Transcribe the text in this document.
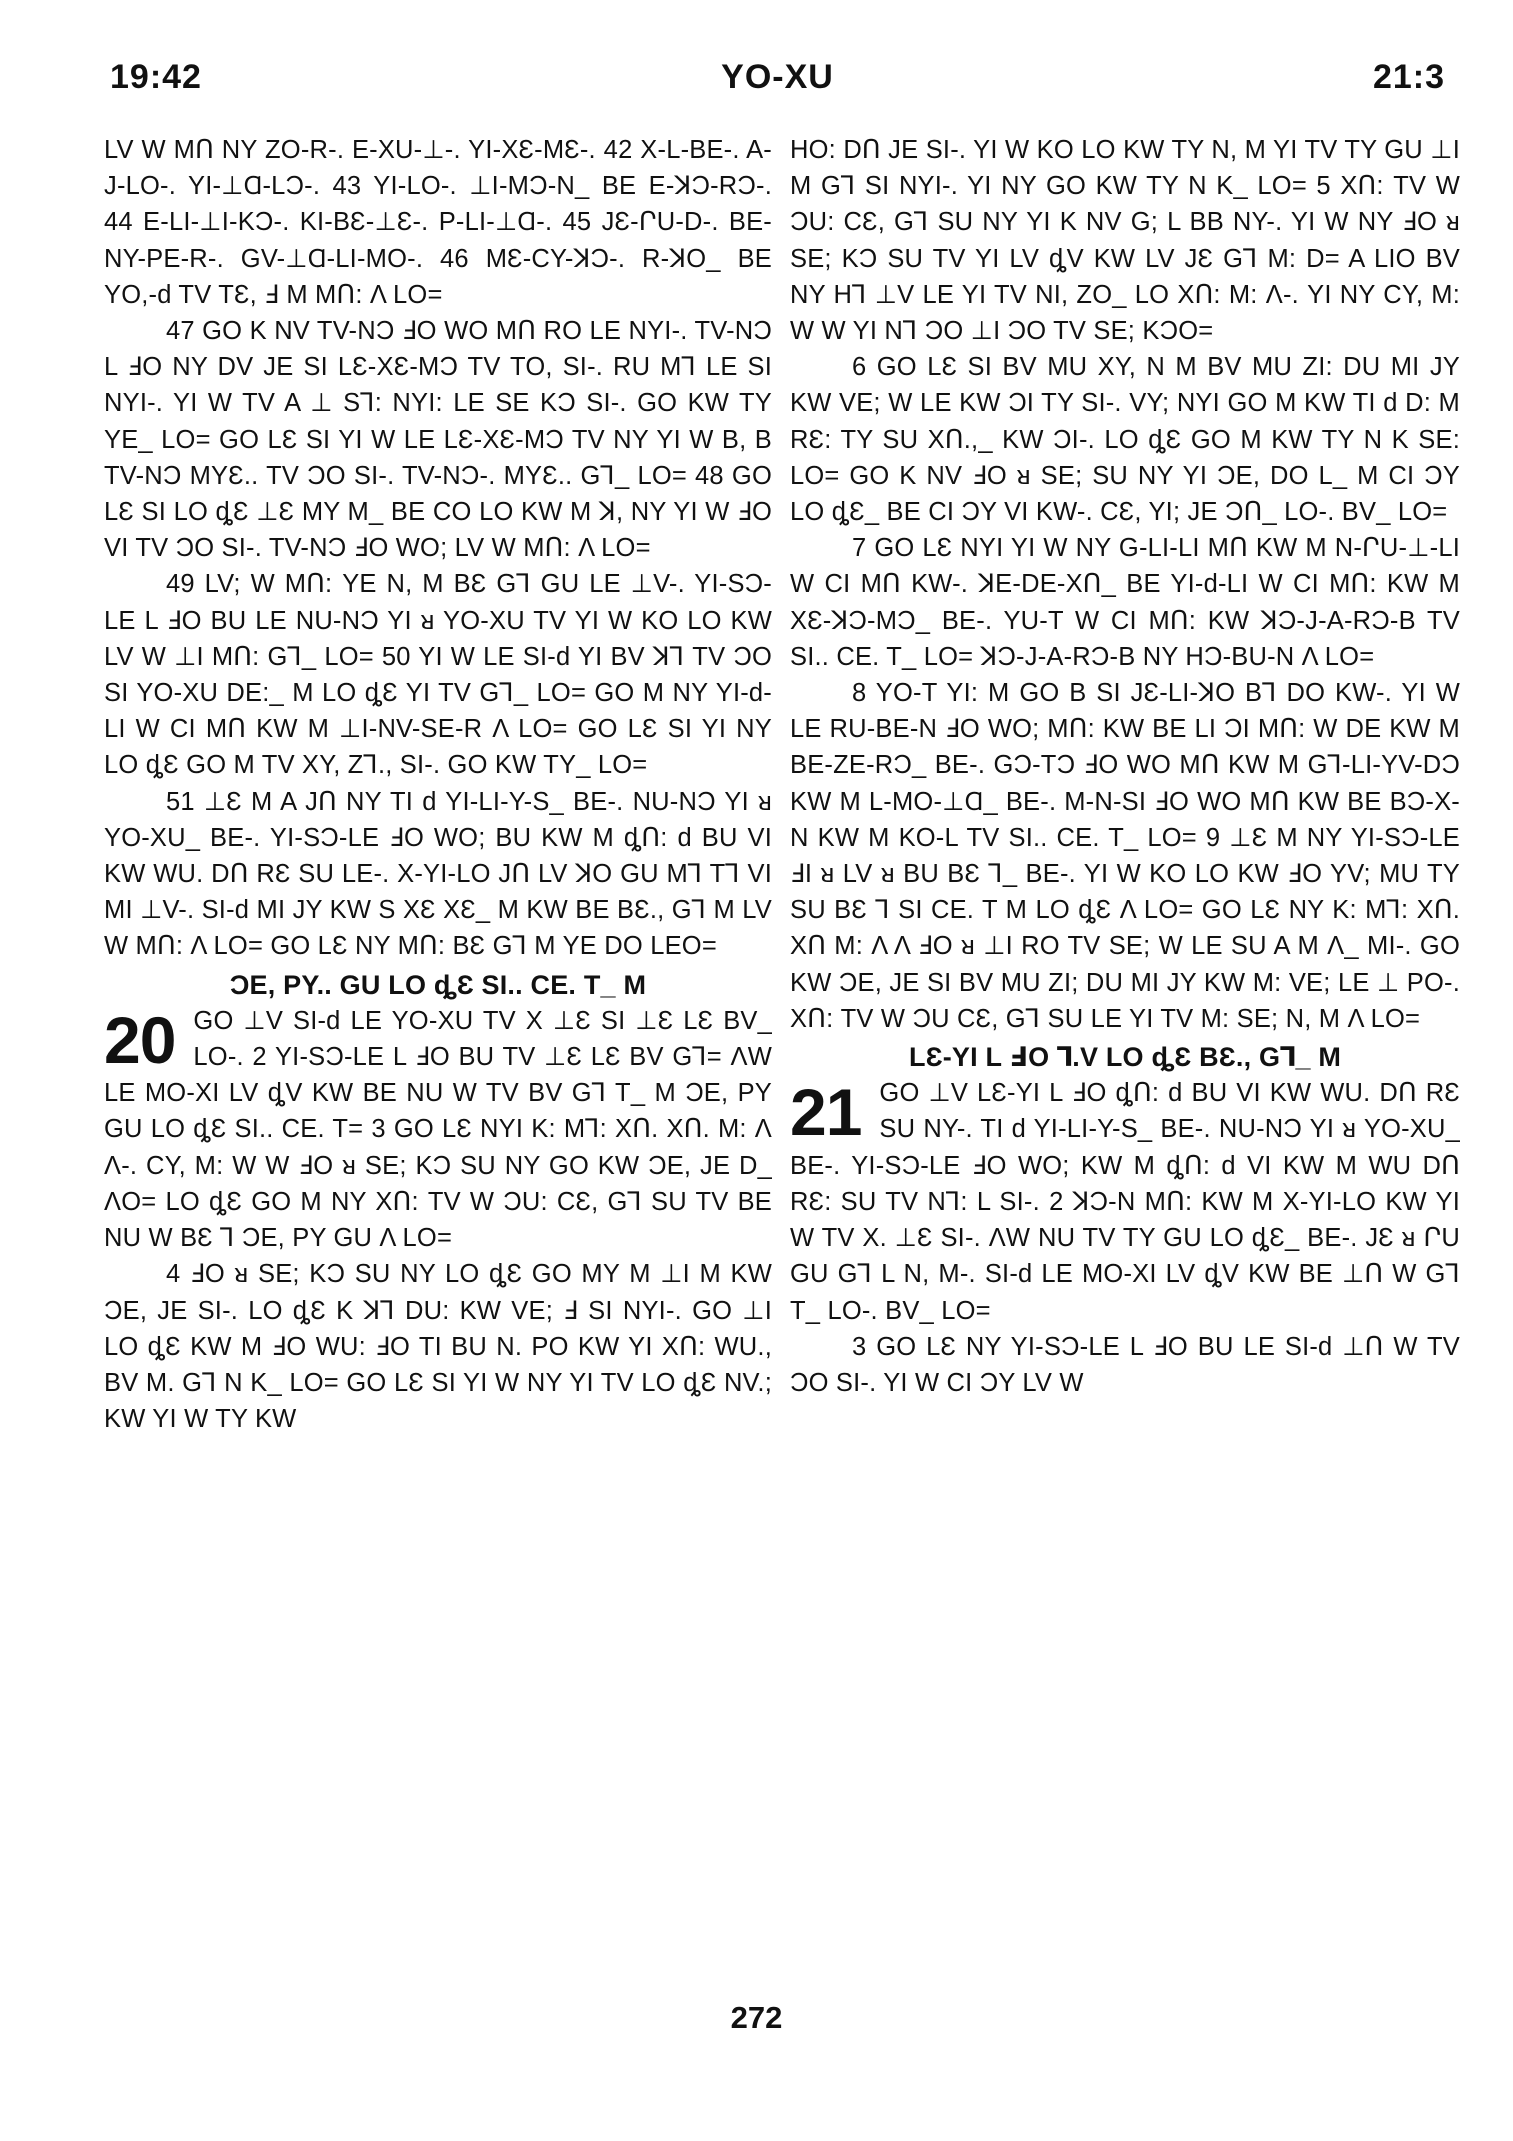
19:42	YO-XU	21:3

LV W MՈ NY ZO-R-. E-XU-⊥-. YI-XƐ-MƐ-. 42 X-L-BE-. A-J-LO-. YI-⊥Ɑ-LƆ-. 43 YI-LO-. ⊥I-MƆ-N_ BE E-ꓘƆ-RƆ-. 44 E-LI-⊥I-KƆ-. KI-BƐ-⊥Ɛ-. P-LI-⊥Ɑ-. 45 JƐ-ՐU-D-. BE-NY-PE-R-. GV-⊥Ɑ-LI-MO-. 46 MƐ-CY-ꓘƆ-. R-ꓘO_ BE YO,-d TV TƐ, Ⅎ M MՈ: Λ LO=

47 GO K NV TV-NƆ ℲO WO MՈ RO LE NYI-. TV-NƆ L ℲO NY DV JE SI LƐ-XƐ-MƆ TV TO, SI-. RU M⅂ LE SI NYI-. YI W TV A ⊥ S⅂: NYI: LE SE KƆ SI-. GO KW TY YE_ LO= GO LƐ SI YI W LE LƐ-XƐ-MƆ TV NY YI W B, B TV-NƆ MYƐ.. TV ƆO SI-. TV-NƆ-. MYƐ.. G⅂_ LO= 48 GO LƐ SI LO ȡƐ ⊥Ɛ MY M_ BE CO LO KW M ꓘ, NY YI W ℲO VI TV ƆO SI-. TV-NƆ ℲO WO; LV W MՈ: Λ LO=

49 LV; W MՈ: YE N, M BƐ G⅂ GU LE ⊥V-. YI-SƆ-LE L ℲO BU LE NU-NƆ YI ᴚ YO-XU TV YI W KO LO KW LV W ⊥I MՈ: G⅂_ LO= 50 YI W LE SI-d YI BV ꓘ⅂ TV ƆO SI YO-XU DE:_ M LO ȡƐ YI TV G⅂_ LO= GO M NY YI-d-LI W CI MՈ KW M ⊥I-NV-SE-R Λ LO= GO LƐ SI YI NY LO ȡƐ GO M TV XY, Z⅂., SI-. GO KW TY_ LO=

51 ⊥Ɛ M A JՈ NY TI d YI-LI-Y-S_ BE-. NU-NƆ YI ᴚ YO-XU_ BE-. YI-SƆ-LE ℲO WO; BU KW M ȡՈ: d BU VI KW WU. DՈ RƐ SU LE-. X-YI-LO JՈ LV ꓘO GU M⅂ T⅂ VI MI ⊥V-. SI-d MI JY KW S XƐ XƐ_ M KW BE BƐ., G⅂ M LV W MՈ: Λ LO= GO LƐ NY MՈ: BƐ G⅂ M YE DO LEO=

ƆE, PY.. GU LO ȡƐ SI.. CE. T_ M
20 GO ⊥V SI-d LE YO-XU TV X ⊥Ɛ SI ⊥Ɛ LƐ BV_ LO-. 2 YI-SƆ-LE L ℲO BU TV ⊥Ɛ LƐ BV G⅂= ɅW LE MO-XI LV ȡV KW BE NU W TV BV G⅂ T_ M ƆE, PY GU LO ȡƐ SI.. CE. T= 3 GO LƐ NYI K: M⅂: XՈ. XՈ. M: Λ Λ-. CY, M: W W ℲO ᴚ SE; KƆ SU NY GO KW ƆE, JE D_ ɅO= LO ȡƐ GO M NY XՈ: TV W ƆU: CƐ, G⅂ SU TV BE NU W BƐ ⅂ ƆE, PY GU Λ LO=

4 ℲO ᴚ SE; KƆ SU NY LO ȡƐ GO MY M ⊥I M KW ƆE, JE SI-. LO ȡƐ K ꓘ⅂ DU: KW VE; Ⅎ SI NYI-. GO ⊥I LO ȡƐ KW M ℲO WU: ℲO TI BU N. PO KW YI XՈ: WU., BV M. G⅂ N K_ LO= GO LƐ SI YI W NY YI TV LO ȡƐ NV.; KW YI W TY KW

HO: DՈ JE SI-. YI W KO LO KW TY N, M YI TV TY GU ⊥I M G⅂ SI NYI-. YI NY GO KW TY N K_ LO= 5 XՈ: TV W ƆU: CƐ, G⅂ SU NY YI K NV G; L BB NY-. YI W NY ℲO ᴚ SE; KƆ SU TV YI LV ȡV KW LV JƐ G⅂ M: D= A LIO BV NY H⅂ ⊥V LE YI TV NI, ZO_ LO XՈ: M: Λ-. YI NY CY, M: W W YI N⅂ ƆO ⊥I ƆO TV SE; KƆO=

6 GO LƐ SI BV MU XY, N M BV MU ZI: DU MI JY KW VE; W LE KW ƆI TY SI-. VY; NYI GO M KW TI d D: M RƐ: TY SU XՈ.,_ KW ƆI-. LO ȡƐ GO M KW TY N K SE: LO= GO K NV ℲO ᴚ SE; SU NY YI ƆE, DO L_ M CI ƆY LO ȡƐ_ BE CI ƆY VI KW-. CƐ, YI; JE ƆՈ_ LO-. BV_ LO=

7 GO LƐ NYI YI W NY G-LI-LI MՈ KW M N-ՐU-⊥-LI W CI MՈ KW-. ꓘE-DE-XՈ_ BE YI-d-LI W CI MՈ: KW M XƐ-ꓘƆ-MƆ_ BE-. YU-T W CI MՈ: KW ꓘƆ-J-A-RƆ-B TV SI.. CE. T_ LO= ꓘƆ-J-A-RƆ-B NY HƆ-BU-N Λ LO=

8 YO-T YI: M GO B SI JƐ-LI-ꓘO B⅂ DO KW-. YI W LE RU-BE-N ℲO WO; MՈ: KW BE LI ƆI MՈ: W DE KW M BE-ZE-RƆ_ BE-. GƆ-TƆ ℲO WO MՈ KW M G⅂-LI-YV-DƆ KW M L-MO-⊥Ɑ_ BE-. M-N-SI ℲO WO MՈ KW BE BƆ-X-N KW M KO-L TV SI.. CE. T_ LO= 9 ⊥Ɛ M NY YI-SƆ-LE ℲI ᴚ LV ᴚ BU BƐ ⅂_ BE-. YI W KO LO KW ℲO YV; MU TY SU BƐ ⅂ SI CE. T M LO ȡƐ Λ LO= GO LƐ NY K: M⅂: XՈ. XՈ M: Λ Λ ℲO ᴚ ⊥I RO TV SE; W LE SU A M Λ_ MI-. GO KW ƆE, JE SI BV MU ZI; DU MI JY KW M: VE; LE ⊥ PO-. XՈ: TV W ƆU CƐ, G⅂ SU LE YI TV M: SE; N, M Λ LO=

LƐ-YI L ℲO ⅂.V LO ȡƐ BƐ., G⅂_ M
21 GO ⊥V LƐ-YI L ℲO ȡՈ: d BU VI KW WU. DՈ RƐ SU NY-. TI d YI-LI-Y-S_ BE-. NU-NƆ YI ᴚ YO-XU_ BE-. YI-SƆ-LE ℲO WO; KW M ȡՈ: d VI KW M WU DՈ RƐ: SU TV N⅂: L SI-. 2 ꓘƆ-N MՈ: KW M X-YI-LO KW YI W TV X. ⊥Ɛ SI-. ɅW NU TV TY GU LO ȡƐ_ BE-. JƐ ᴚ ՐU GU G⅂ L N, M-. SI-d LE MO-XI LV ȡV KW BE ⊥Ո W G⅂ T_ LO-. BV_ LO=

3 GO LƐ NY YI-SƆ-LE L ℲO BU LE SI-d ⊥Ո W TV ƆO SI-. YI W CI ƆY LV W

272
